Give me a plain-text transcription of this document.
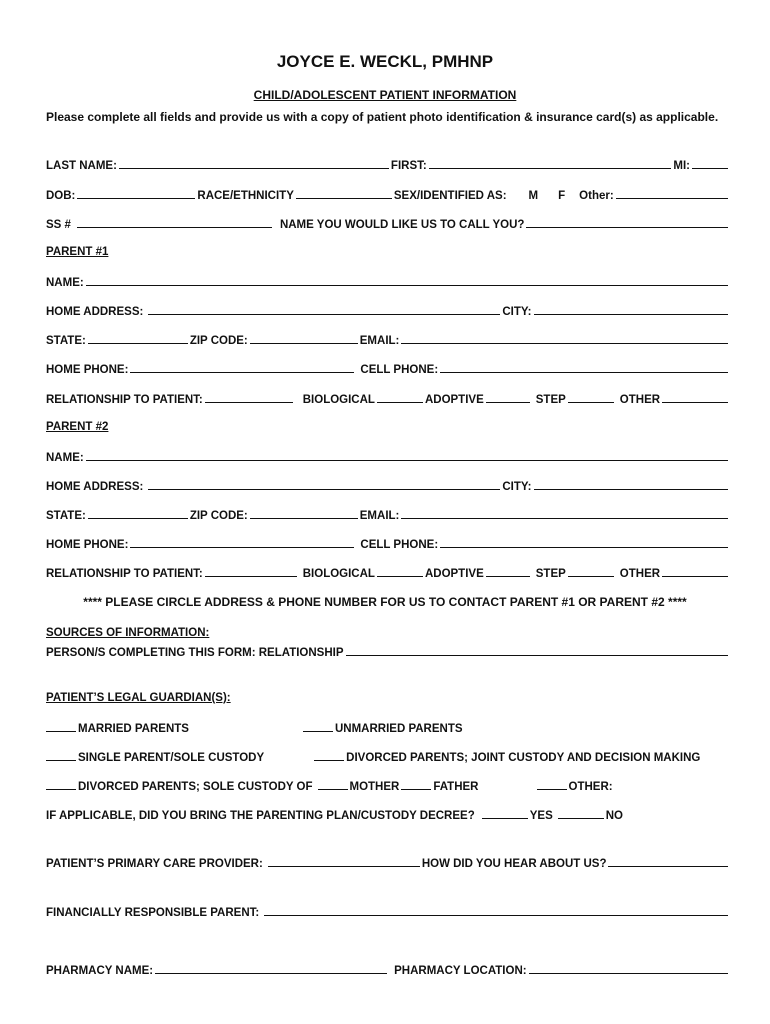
JOYCE E. WECKL, PMHNP
CHILD/ADOLESCENT PATIENT INFORMATION
Please complete all fields and provide us with a copy of patient photo identification & insurance card(s) as applicable.
LAST NAME:	FIRST:	MI:
DOB:	RACE/ETHNICITY	SEX/IDENTIFIED AS: M F Other:
SS #	NAME YOU WOULD LIKE US TO CALL YOU?
PARENT #1
NAME:
HOME ADDRESS:	CITY:
STATE:	ZIP CODE:	EMAIL:
HOME PHONE:	CELL PHONE:
RELATIONSHIP TO PATIENT:	BIOLOGICAL	ADOPTIVE	STEP	OTHER
PARENT #2
NAME:
HOME ADDRESS:	CITY:
STATE:	ZIP CODE:	EMAIL:
HOME PHONE:	CELL PHONE:
RELATIONSHIP TO PATIENT:	BIOLOGICAL	ADOPTIVE	STEP	OTHER
**** PLEASE CIRCLE ADDRESS & PHONE NUMBER FOR US TO CONTACT PARENT #1 OR PARENT #2 ****
SOURCES OF INFORMATION:
PERSON/S COMPLETING THIS FORM: RELATIONSHIP
PATIENT’S LEGAL GUARDIAN(S):
MARRIED PARENTS	UNMARRIED PARENTS
SINGLE PARENT/SOLE CUSTODY	DIVORCED PARENTS; JOINT CUSTODY AND DECISION MAKING
DIVORCED PARENTS; SOLE CUSTODY OF	MOTHER	FATHER	OTHER:
IF APPLICABLE, DID YOU BRING THE PARENTING PLAN/CUSTODY DECREE?	YES	NO
PATIENT’S PRIMARY CARE PROVIDER:	HOW DID YOU HEAR ABOUT US?
FINANCIALLY RESPONSIBLE PARENT:
PHARMACY NAME:	PHARMACY LOCATION:
